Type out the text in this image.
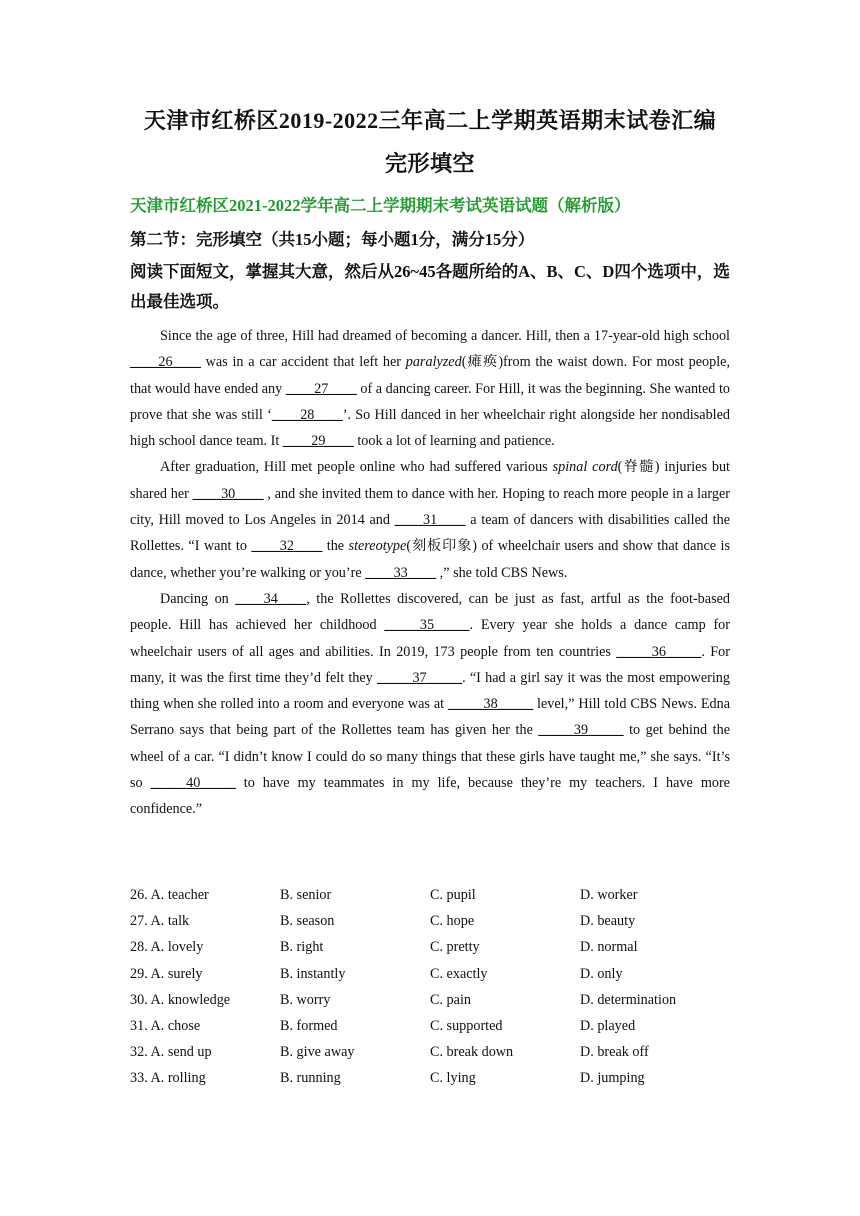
天津市红桥区2019-2022三年高二上学期英语期末试卷汇编
完形填空
天津市红桥区2021-2022学年高二上学期期末考试英语试题（解析版）
第二节：完形填空（共15小题；每小题1分，满分15分）
阅读下面短文，掌握其大意，然后从26~45各题所给的A、B、C、D四个选项中，选出最佳选项。

Since the age of three, Hill had dreamed of becoming a dancer. Hill, then a 17-year-old high school ____26____ was in a car accident that left her paralyzed(瘫痪)from the waist down. For most people, that would have ended any ____27____ of a dancing career. For Hill, it was the beginning. She wanted to prove that she was still ‘____28____’. So Hill danced in her wheelchair right alongside her nondisabled high school dance team. It ____29____ took a lot of learning and patience.

After graduation, Hill met people online who had suffered various spinal cord(脊髓) injuries but shared her ____30____ , and she invited them to dance with her. Hoping to reach more people in a larger city, Hill moved to Los Angeles in 2014 and ____31____ a team of dancers with disabilities called the Rollettes. “I want to ____32____ the stereotype(刻板印象) of wheelchair users and show that dance is dance, whether you’re walking or you’re ____33____ ,” she told CBS News.

Dancing on ____34____, the Rollettes discovered, can be just as fast, artful as the foot-based people. Hill has achieved her childhood _____35_____. Every year she holds a dance camp for wheelchair users of all ages and abilities. In 2019, 173 people from ten countries _____36_____. For many, it was the first time they’d felt they _____37_____. “I had a girl say it was the most empowering thing when she rolled into a room and everyone was at _____38_____ level,” Hill told CBS News. Edna Serrano says that being part of the Rollettes team has given her the _____39_____ to get behind the wheel of a car. “I didn’t know I could do so many things that these girls have taught me,” she says. “It’s so _____40_____ to have my teammates in my life, because they’re my teachers. I have more confidence.”

26. A. teacher	B. senior	C. pupil	D. worker
27. A. talk	B. season	C. hope	D. beauty
28. A. lovely	B. right	C. pretty	D. normal
29. A. surely	B. instantly	C. exactly	D. only
30. A. knowledge	B. worry	C. pain	D. determination
31. A. chose	B. formed	C. supported	D. played
32. A. send up	B. give away	C. break down	D. break off
33. A. rolling	B. running	C. lying	D. jumping
